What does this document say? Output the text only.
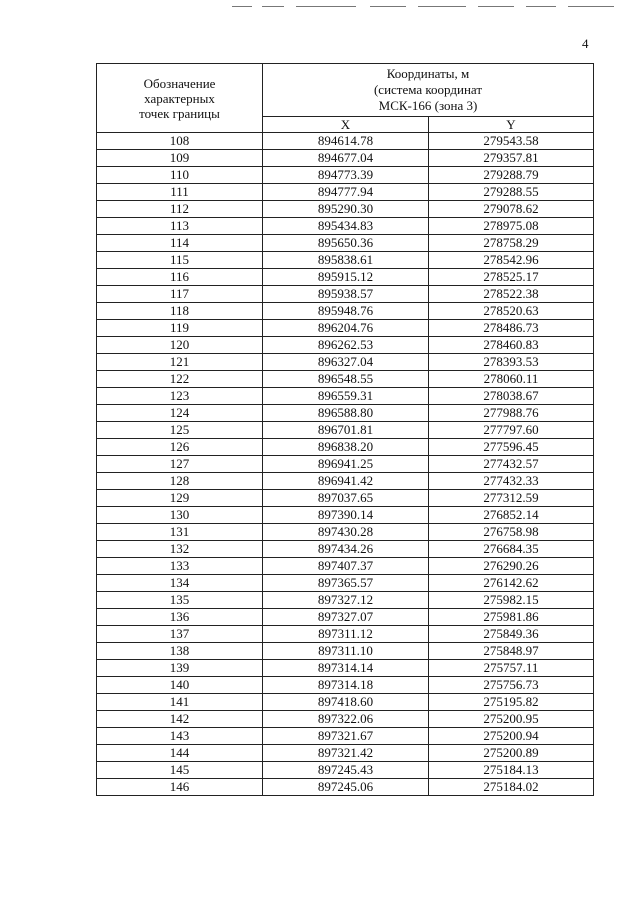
4
Обозначение
характерных
точек границы	Координаты, м
(система координат
МСК-166 (зона 3)	

	X	Y
108	894614.78	279543.58
109	894677.04	279357.81
110	894773.39	279288.79
111	894777.94	279288.55
112	895290.30	279078.62
113	895434.83	278975.08
114	895650.36	278758.29
115	895838.61	278542.96
116	895915.12	278525.17
117	895938.57	278522.38
118	895948.76	278520.63
119	896204.76	278486.73
120	896262.53	278460.83
121	896327.04	278393.53
122	896548.55	278060.11
123	896559.31	278038.67
124	896588.80	277988.76
125	896701.81	277797.60
126	896838.20	277596.45
127	896941.25	277432.57
128	896941.42	277432.33
129	897037.65	277312.59
130	897390.14	276852.14
131	897430.28	276758.98
132	897434.26	276684.35
133	897407.37	276290.26
134	897365.57	276142.62
135	897327.12	275982.15
136	897327.07	275981.86
137	897311.12	275849.36
138	897311.10	275848.97
139	897314.14	275757.11
140	897314.18	275756.73
141	897418.60	275195.82
142	897322.06	275200.95
143	897321.67	275200.94
144	897321.42	275200.89
145	897245.43	275184.13
146	897245.06	275184.02
